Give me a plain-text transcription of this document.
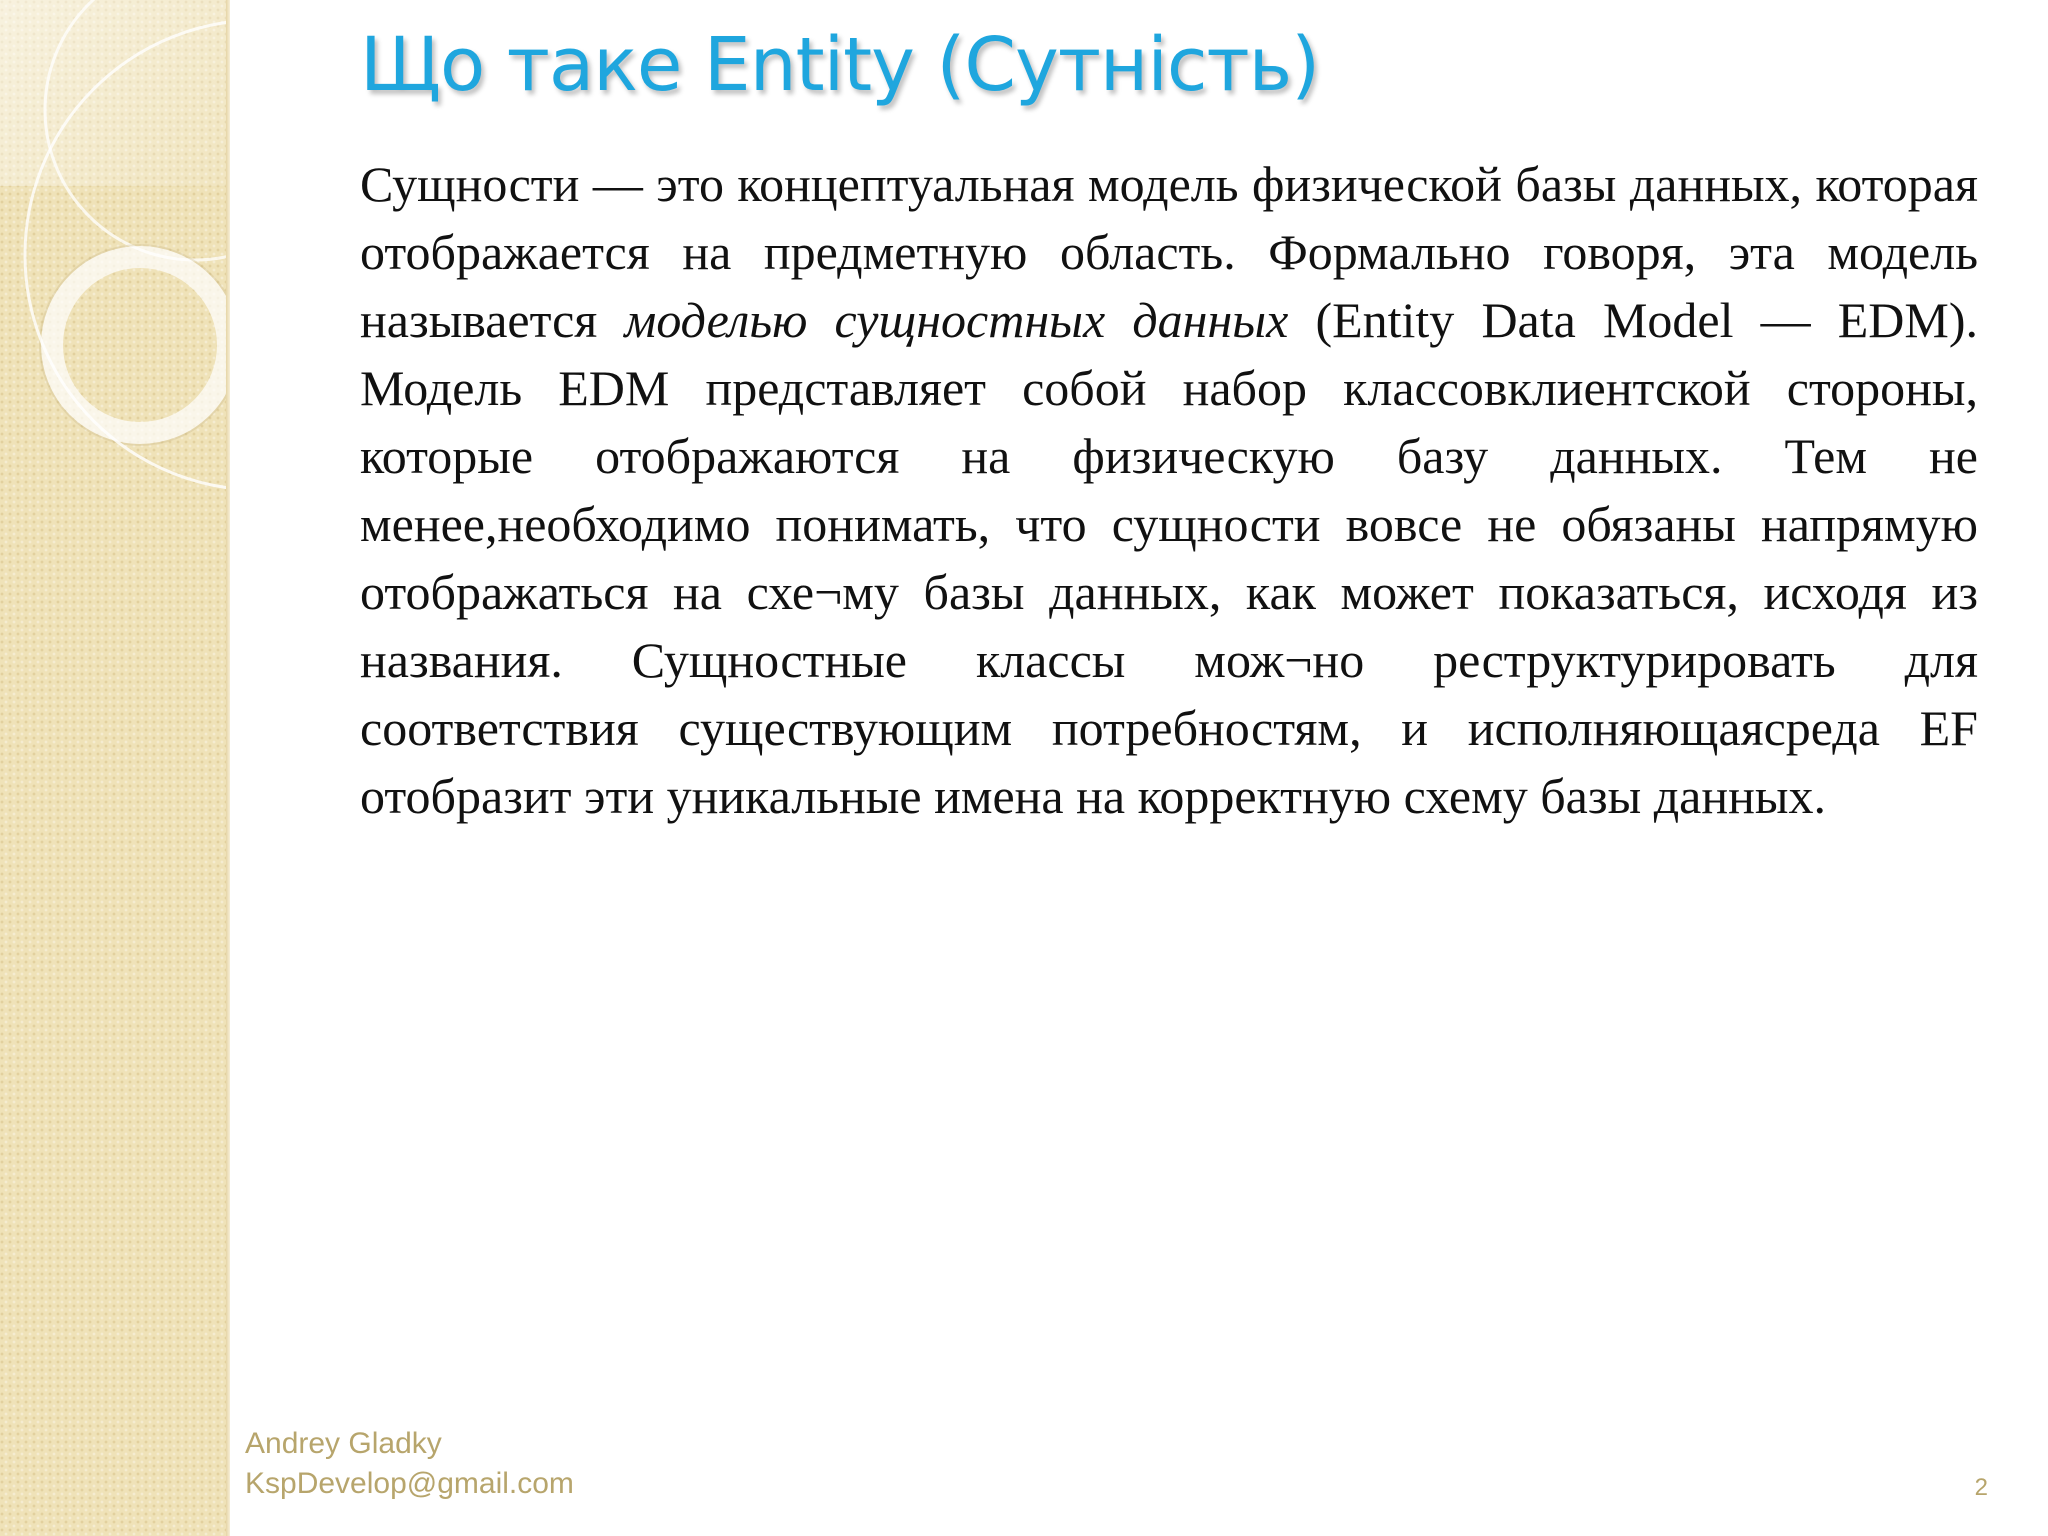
Що таке Entity (Сутність)

Сущности — это концептуальная модель физической базы данных, которая отображается на предметную область. Формально говоря, эта модель называется моделью сущностных данных (Entity Data Model — EDM). Модель EDM представляет собой набор классовклиентской стороны, которые отображаются на физическую базу данных. Тем не менее,необходимо понимать, что сущности вовсе не обязаны напрямую отображаться на схе¬му базы данных, как может показаться, исходя из названия. Сущностные классы мож¬но реструктурировать для соответствия существующим потребностям, и исполняющаясреда EF отобразит эти уникальные имена на корректную схему базы данных.

Andrey Gladky
KspDevelop@gmail.com	2
